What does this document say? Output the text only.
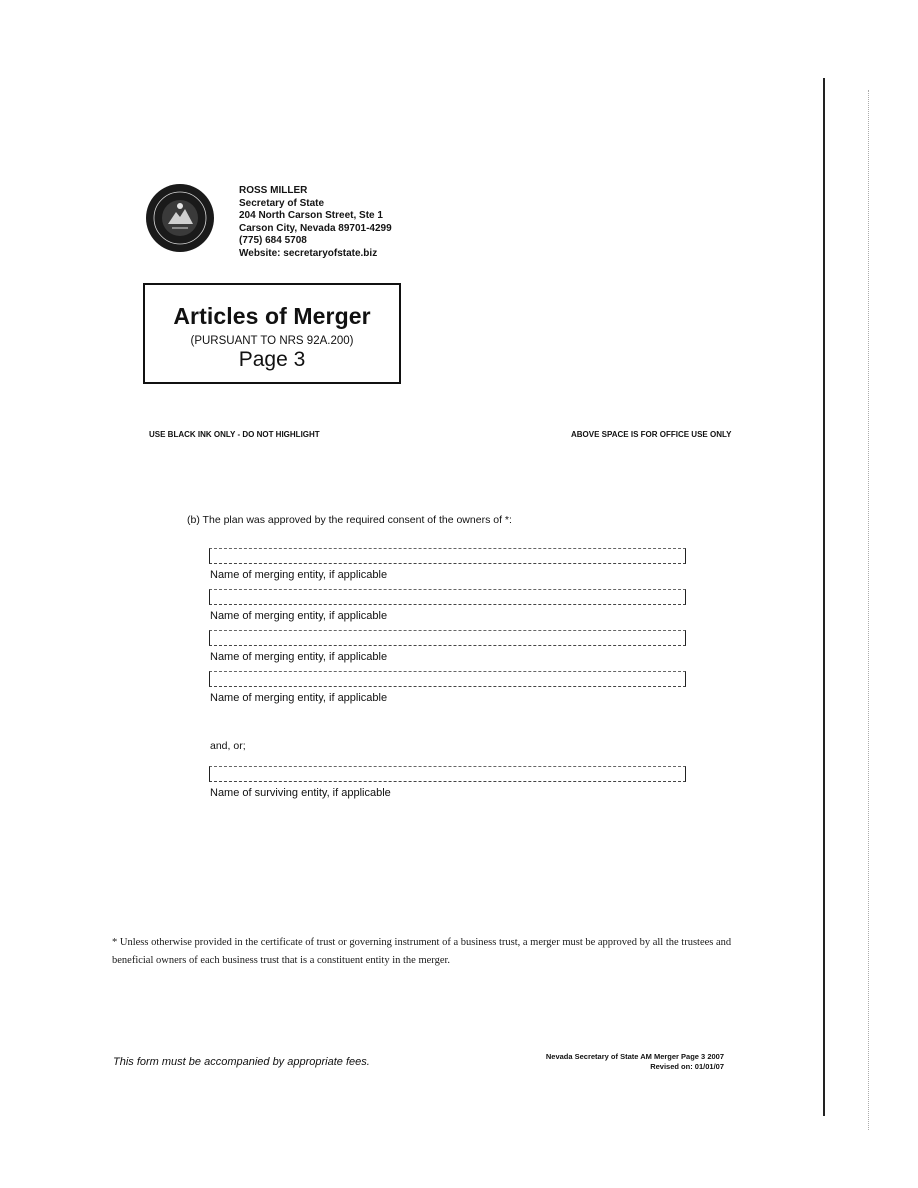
ROSS MILLER
Secretary of State
204 North Carson Street, Ste 1
Carson City, Nevada 89701-4299
(775) 684 5708
Website: secretaryofstate.biz
Articles of Merger
(PURSUANT TO NRS 92A.200)
Page 3
USE BLACK INK ONLY - DO NOT HIGHLIGHT	ABOVE SPACE IS FOR OFFICE USE ONLY
(b) The plan was approved by the required consent of the owners of *:
Name of merging entity, if applicable
Name of merging entity, if applicable
Name of merging entity, if applicable
Name of merging entity, if applicable
and, or;
Name of surviving entity, if applicable
* Unless otherwise provided in the certificate of trust or governing instrument of a business trust, a merger must be approved by all the trustees and beneficial owners of each business trust that is a constituent entity in the merger.
This form must be accompanied by appropriate fees.	Nevada Secretary of State AM Merger Page 3 2007
Revised on: 01/01/07
